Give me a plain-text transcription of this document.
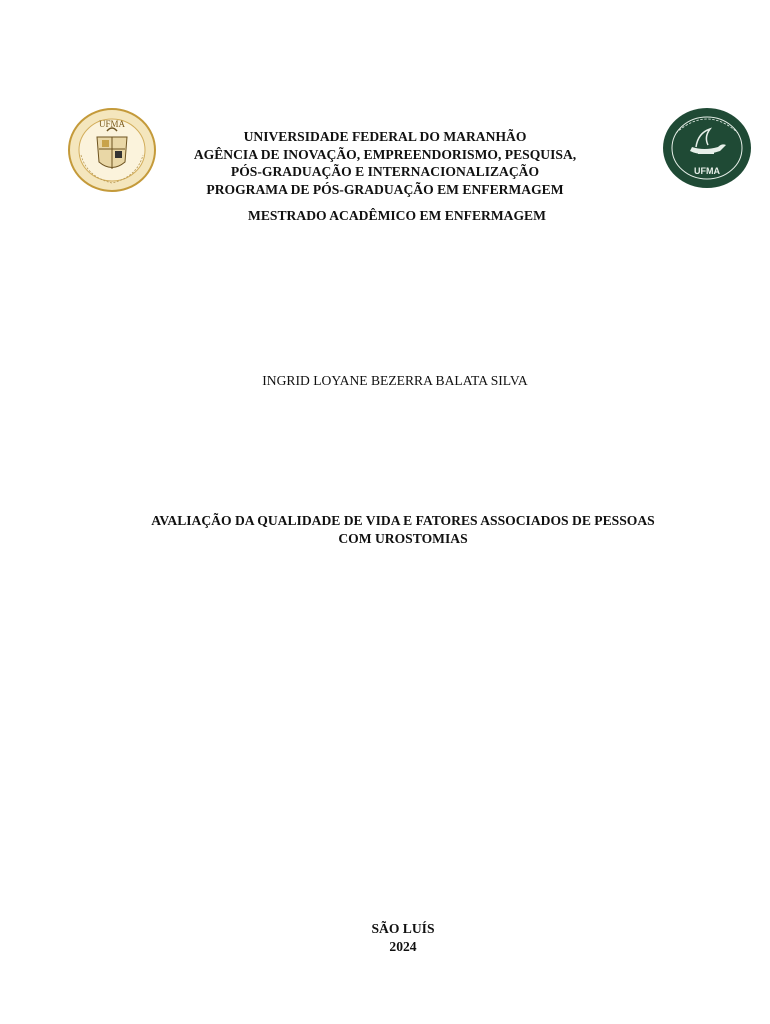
UFMA
UFMA
UNIVERSIDADE FEDERAL DO MARANHÃO
AGÊNCIA DE INOVAÇÃO, EMPREENDORISMO, PESQUISA,
PÓS-GRADUAÇÃO E INTERNACIONALIZAÇÃO
PROGRAMA DE PÓS-GRADUAÇÃO EM ENFERMAGEM
MESTRADO ACADÊMICO EM ENFERMAGEM
INGRID LOYANE BEZERRA BALATA SILVA
AVALIAÇÃO DA QUALIDADE DE VIDA E FATORES ASSOCIADOS DE PESSOAS
COM UROSTOMIAS
SÃO LUÍS
2024
